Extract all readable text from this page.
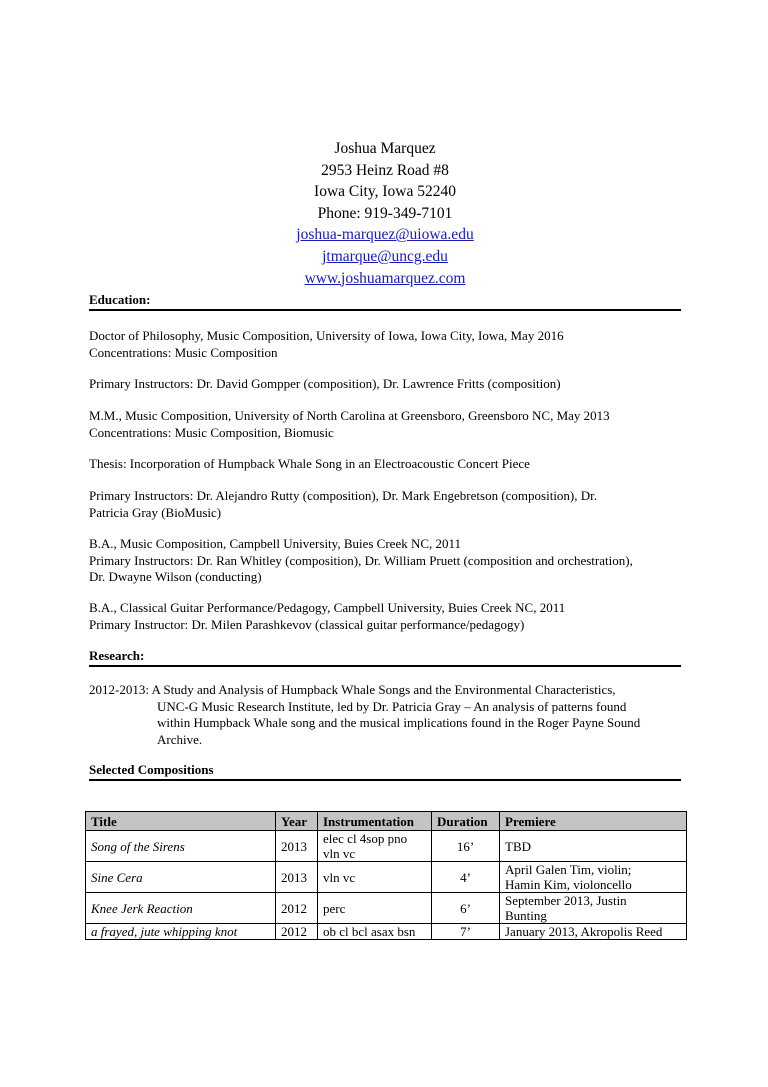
Joshua Marquez
2953 Heinz Road #8
Iowa City, Iowa 52240
Phone: 919-349-7101
joshua-marquez@uiowa.edu
jtmarque@uncg.edu
www.joshuamarquez.com
Education:
Doctor of Philosophy, Music Composition, University of Iowa, Iowa City, Iowa, May 2016
Concentrations: Music Composition
Primary Instructors: Dr. David Gompper (composition), Dr. Lawrence Fritts (composition)
M.M., Music Composition, University of North Carolina at Greensboro, Greensboro NC, May 2013
Concentrations: Music Composition, Biomusic
Thesis: Incorporation of Humpback Whale Song in an Electroacoustic Concert Piece
Primary Instructors: Dr. Alejandro Rutty (composition), Dr. Mark Engebretson (composition), Dr.
Patricia Gray (BioMusic)
B.A., Music Composition, Campbell University, Buies Creek NC, 2011
Primary Instructors: Dr. Ran Whitley (composition), Dr. William Pruett (composition and orchestration),
Dr. Dwayne Wilson (conducting)
B.A., Classical Guitar Performance/Pedagogy, Campbell University, Buies Creek NC, 2011
Primary Instructor: Dr. Milen Parashkevov (classical guitar performance/pedagogy)
Research:
2012-2013: A Study and Analysis of Humpback Whale Songs and the Environmental Characteristics,
UNC-G Music Research Institute, led by Dr. Patricia Gray – An analysis of patterns found
within Humpback Whale song and the musical implications found in the Roger Payne Sound
Archive.
Selected Compositions
Title	Year	Instrumentation	Duration	Premiere
Song of the Sirens	2013	elec cl 4sop pno
vln vc	16’	TBD
Sine Cera	2013	vln vc	4’	April Galen Tim, violin;
Hamin Kim, violoncello
Knee Jerk Reaction	2012	perc	6’	September 2013, Justin
Bunting
a frayed, jute whipping knot	2012	ob cl bcl asax bsn	7’	January 2013, Akropolis Reed
